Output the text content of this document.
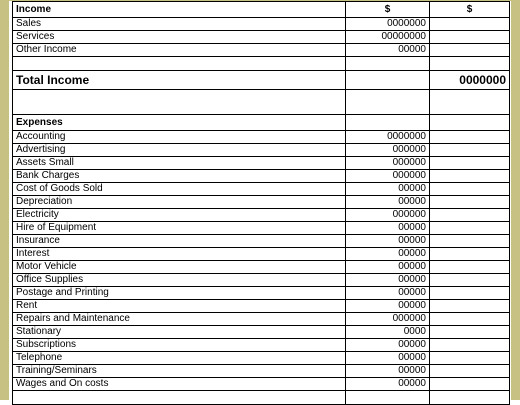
Income	$	$
Sales	0000000	
Services	00000000	
Other Income	00000	

Total Income		0000000

Expenses		
Accounting	0000000	
Advertising	000000	
Assets Small	000000	
Bank Charges	000000	
Cost of Goods Sold	00000	
Depreciation	00000	
Electricity	000000	
Hire of Equipment	00000	
Insurance	00000	
Interest	00000	
Motor Vehicle	00000	
Office Supplies	00000	
Postage and Printing	00000	
Rent	00000	
Repairs and Maintenance	000000	
Stationary	0000	
Subscriptions	00000	
Telephone	00000	
Training/Seminars	00000	
Wages and On costs	00000	
